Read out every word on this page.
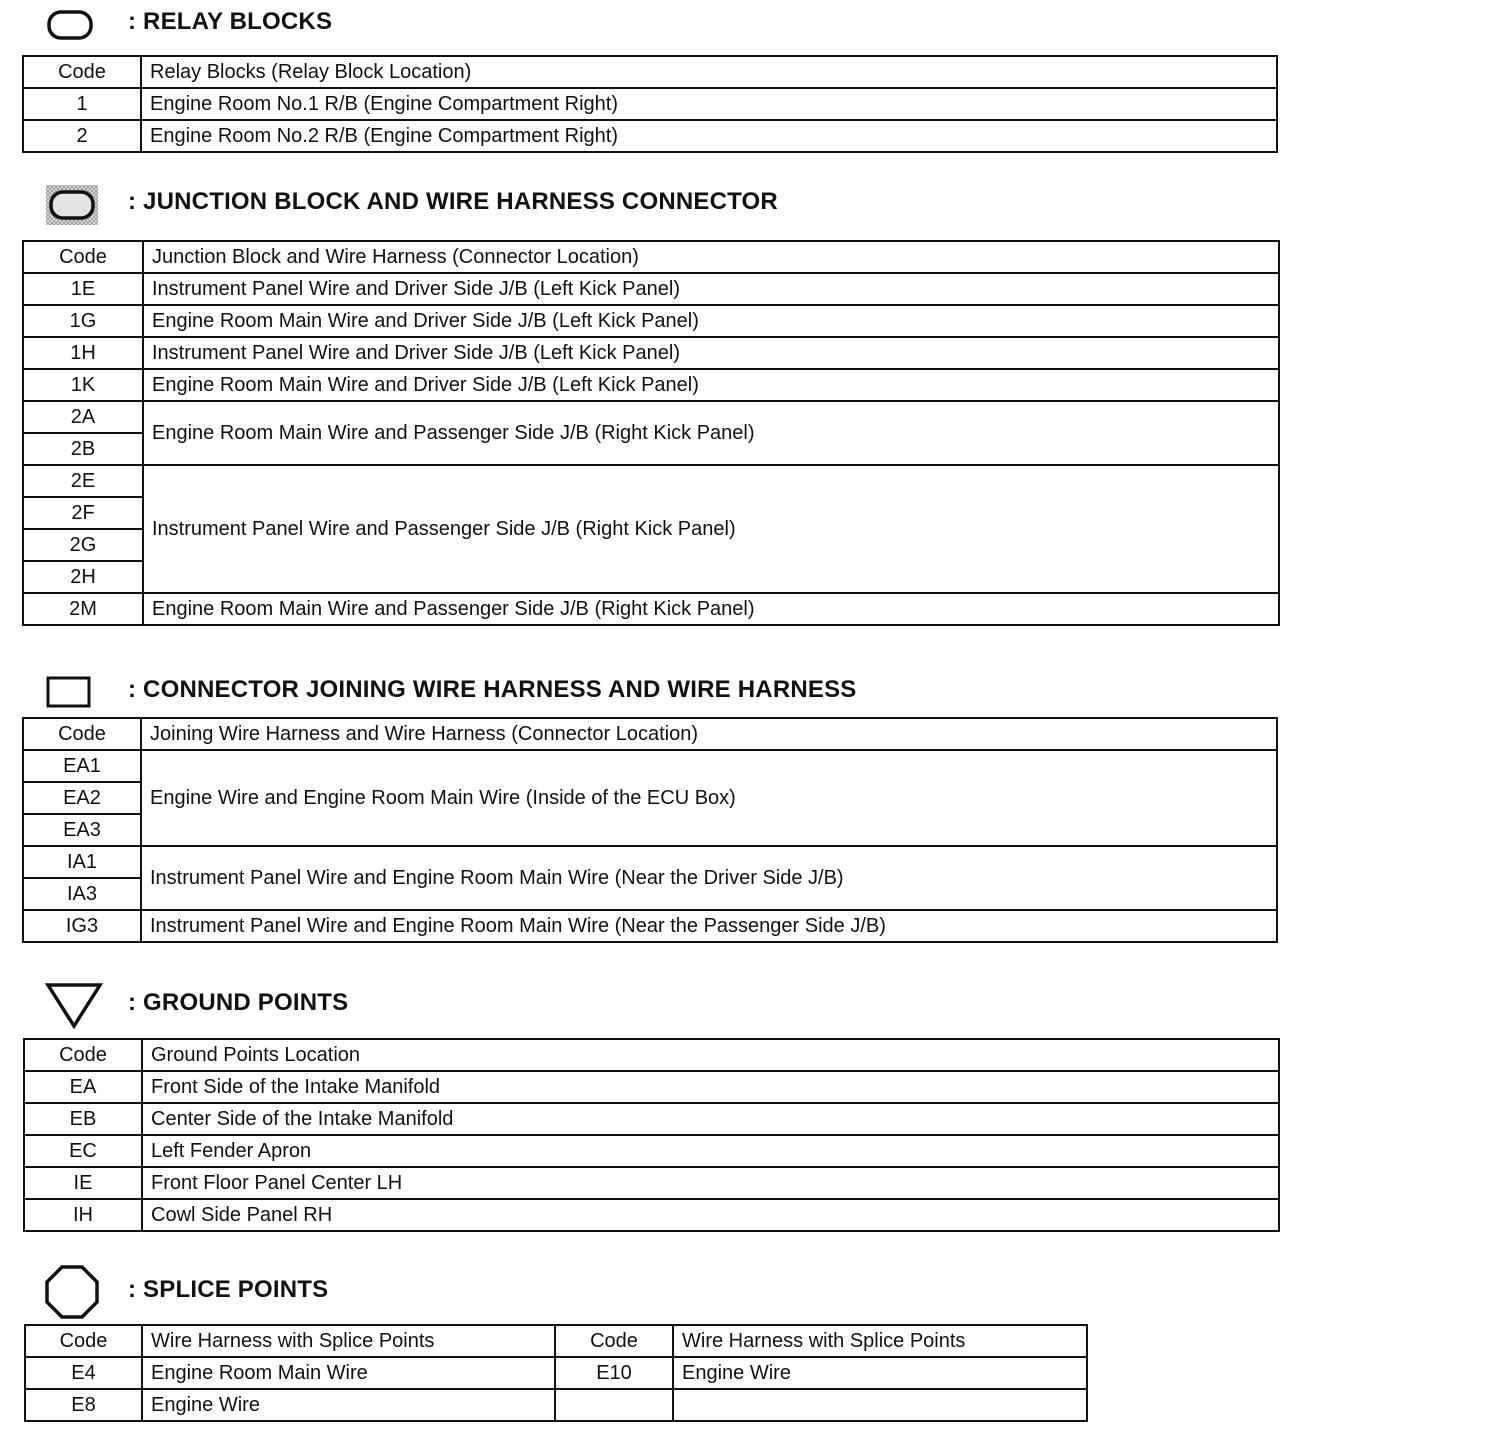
: RELAY BLOCKS
Code	Relay Blocks (Relay Block Location)
1	Engine Room No.1 R/B (Engine Compartment Right)
2	Engine Room No.2 R/B (Engine Compartment Right)
: JUNCTION BLOCK AND WIRE HARNESS CONNECTOR
Code	Junction Block and Wire Harness (Connector Location)
1E	Instrument Panel Wire and Driver Side J/B (Left Kick Panel)
1G	Engine Room Main Wire and Driver Side J/B (Left Kick Panel)
1H	Instrument Panel Wire and Driver Side J/B (Left Kick Panel)
1K	Engine Room Main Wire and Driver Side J/B (Left Kick Panel)
2A	Engine Room Main Wire and Passenger Side J/B (Right Kick Panel)
2B	
2E	Instrument Panel Wire and Passenger Side J/B (Right Kick Panel)
2F	
2G	
2H	
2M	Engine Room Main Wire and Passenger Side J/B (Right Kick Panel)
: CONNECTOR JOINING WIRE HARNESS AND WIRE HARNESS
Code	Joining Wire Harness and Wire Harness (Connector Location)
EA1	Engine Wire and Engine Room Main Wire (Inside of the ECU Box)
EA2	
EA3	
IA1	Instrument Panel Wire and Engine Room Main Wire (Near the Driver Side J/B)
IA3	
IG3	Instrument Panel Wire and Engine Room Main Wire (Near the Passenger Side J/B)
: GROUND POINTS
Code	Ground Points Location
EA	Front Side of the Intake Manifold
EB	Center Side of the Intake Manifold
EC	Left Fender Apron
IE	Front Floor Panel Center LH
IH	Cowl Side Panel RH
: SPLICE POINTS
Code	Wire Harness with Splice Points	Code	Wire Harness with Splice Points
E4	Engine Room Main Wire	E10	Engine Wire
E8	Engine Wire		
